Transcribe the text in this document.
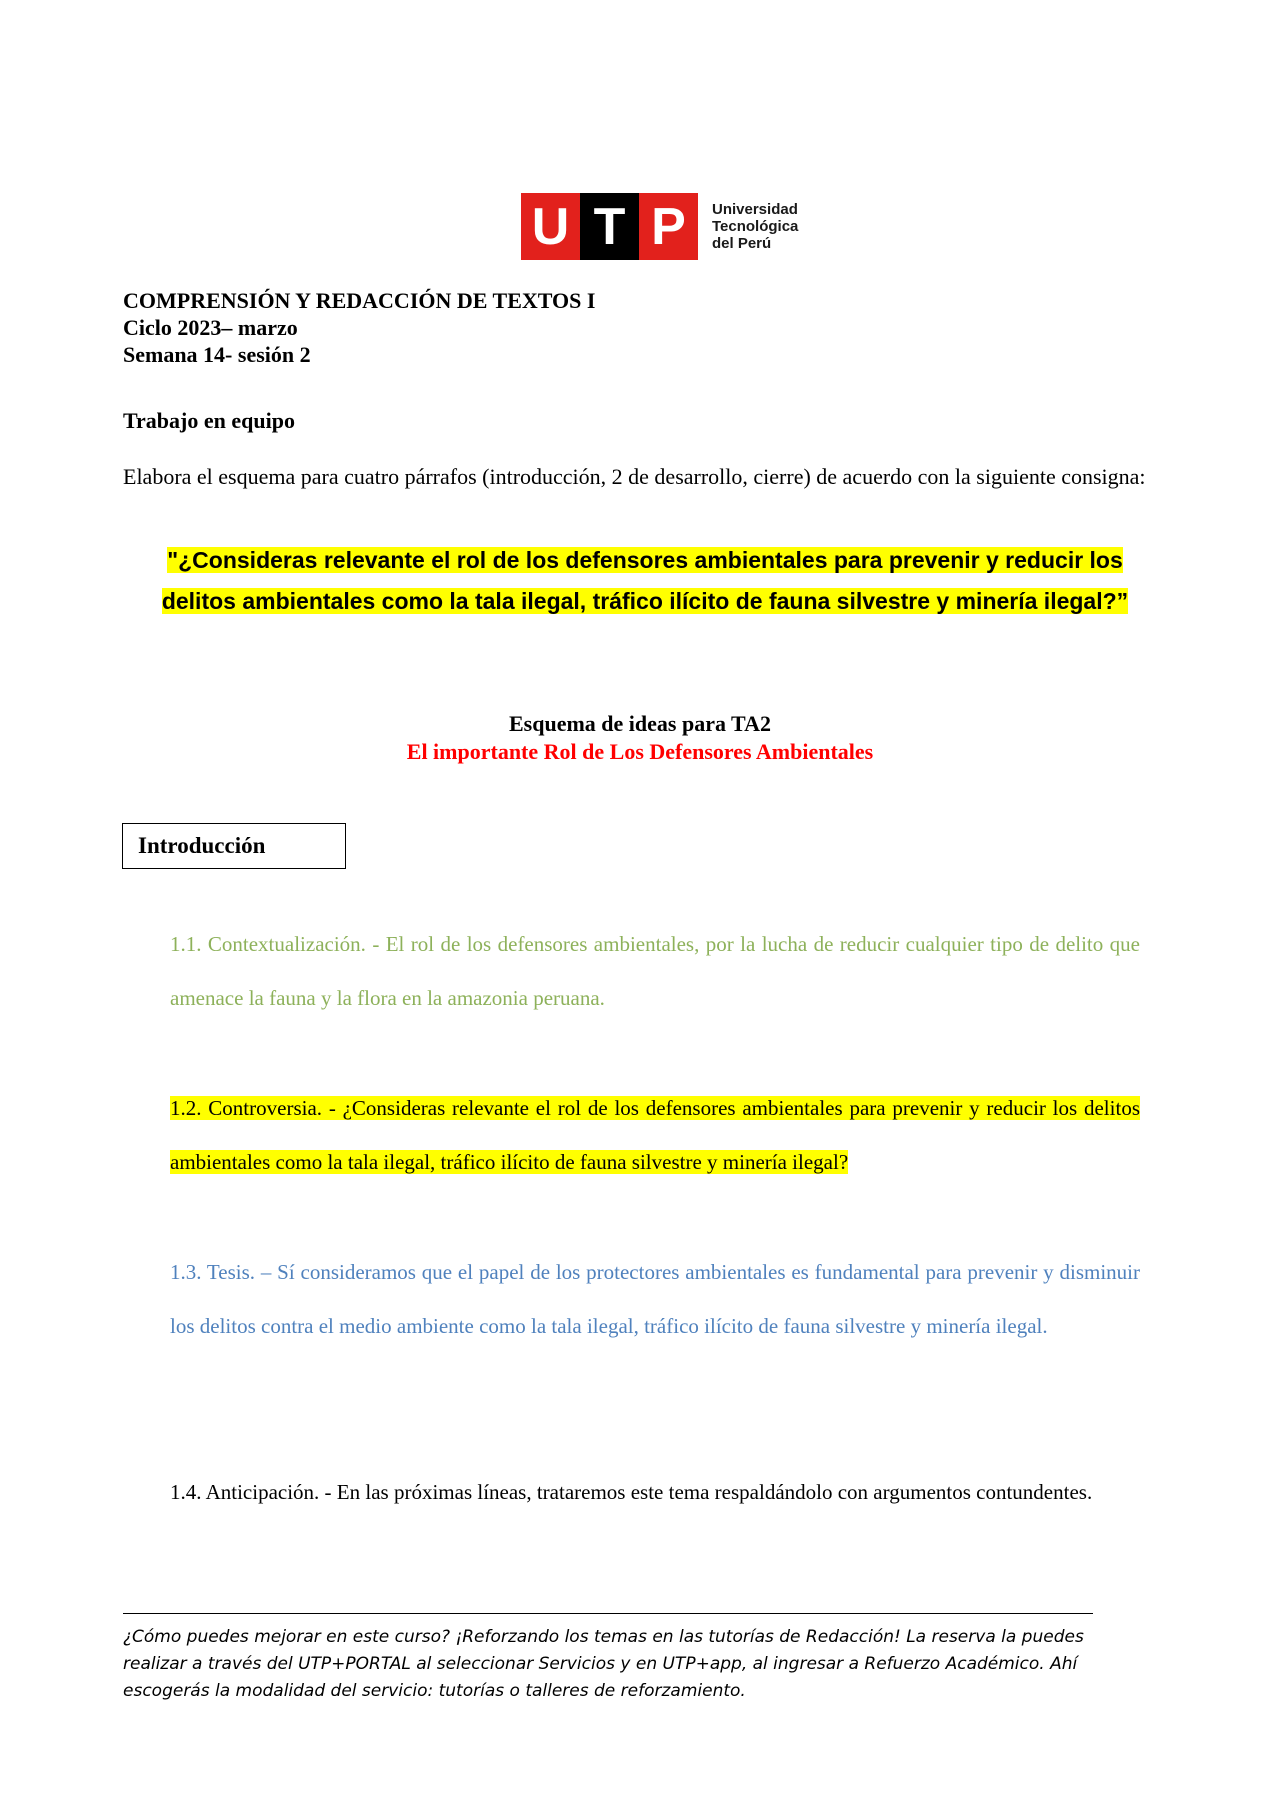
U T P	Universidad
Tecnológica
del Perú
COMPRENSIÓN Y REDACCIÓN DE TEXTOS I
Ciclo 2023– marzo
Semana 14- sesión 2
Trabajo en equipo
Elabora el esquema para cuatro párrafos (introducción, 2 de desarrollo, cierre) de acuerdo con la siguiente consigna:
"¿Consideras relevante el rol de los defensores ambientales para prevenir y reducir los delitos ambientales como la tala ilegal, tráfico ilícito de fauna silvestre y minería ilegal?”
Esquema de ideas para TA2
El importante Rol de Los Defensores Ambientales
Introducción
1.1. Contextualización. - El rol de los defensores ambientales, por la lucha de reducir cualquier tipo de delito que amenace la fauna y la flora en la amazonia peruana.
1.2. Controversia. - ¿Consideras relevante el rol de los defensores ambientales para prevenir y reducir los delitos ambientales como la tala ilegal, tráfico ilícito de fauna silvestre y minería ilegal?
1.3. Tesis. – Sí consideramos que el papel de los protectores ambientales es fundamental para prevenir y disminuir los delitos contra el medio ambiente como la tala ilegal, tráfico ilícito de fauna silvestre y minería ilegal.
1.4. Anticipación. - En las próximas líneas, trataremos este tema respaldándolo con argumentos contundentes.
¿Cómo puedes mejorar en este curso? ¡Reforzando los temas en las tutorías de Redacción! La reserva la puedes realizar a través del UTP+PORTAL al seleccionar Servicios y en UTP+app, al ingresar a Refuerzo Académico. Ahí escogerás la modalidad del servicio: tutorías o talleres de reforzamiento.
